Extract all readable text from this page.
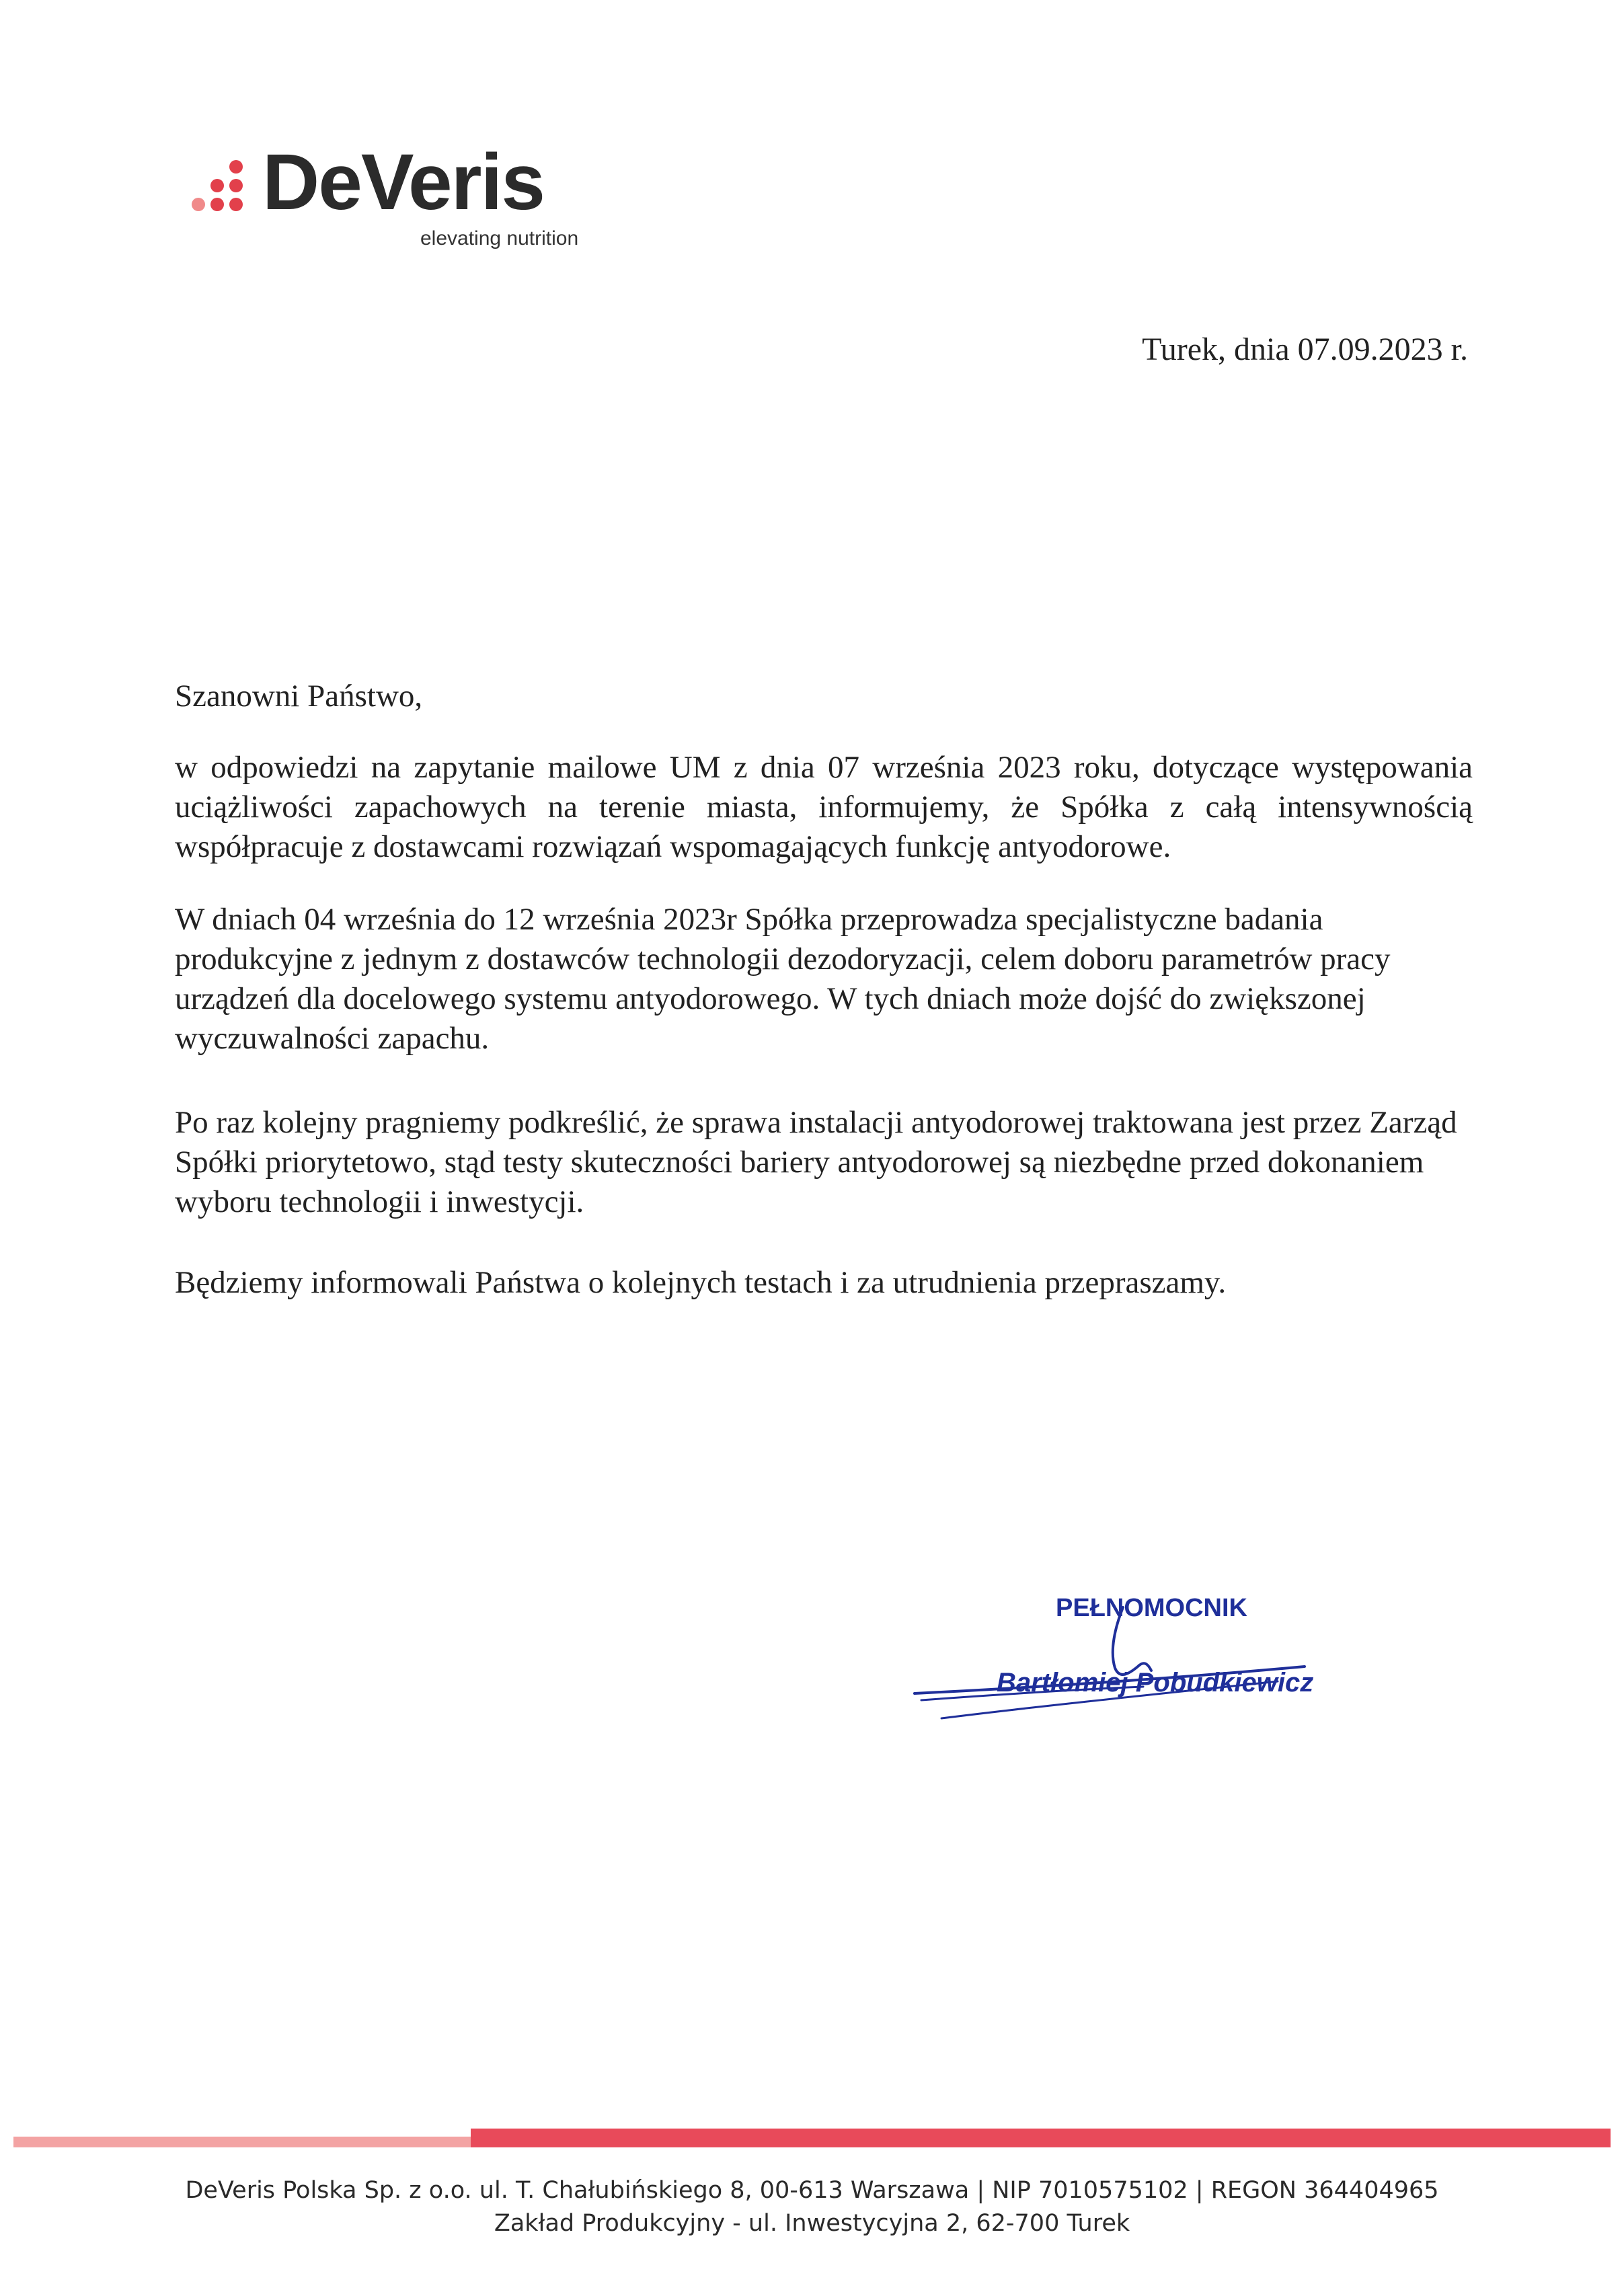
DeVeris
elevating nutrition
Turek, dnia 07.09.2023 r.
Szanowni Państwo,

w odpowiedzi na zapytanie mailowe UM z dnia 07 września 2023 roku, dotyczące występowania uciążliwości zapachowych na terenie miasta, informujemy, że Spółka z całą intensywnością współpracuje z dostawcami rozwiązań wspomagających funkcję antyodorowe.

W dniach 04 września do 12 września 2023r Spółka przeprowadza specjalistyczne badania produkcyjne z jednym z dostawców technologii dezodoryzacji, celem doboru parametrów pracy urządzeń dla docelowego systemu antyodorowego. W tych dniach może dojść do zwiększonej wyczuwalności zapachu.

Po raz kolejny pragniemy podkreślić, że sprawa instalacji antyodorowej traktowana jest przez Zarząd Spółki priorytetowo, stąd testy skuteczności bariery antyodorowej są niezbędne przed dokonaniem wyboru technologii i inwestycji.

Będziemy informowali Państwa o kolejnych testach i za utrudnienia przepraszamy.

PEŁNOMOCNIK
Bartłomiej Pobudkiewicz
DeVeris Polska Sp. z o.o. ul. T. Chałubińskiego 8, 00-613 Warszawa | NIP 7010575102 | REGON 364404965
Zakład Produkcyjny - ul. Inwestycyjna 2, 62-700 Turek
